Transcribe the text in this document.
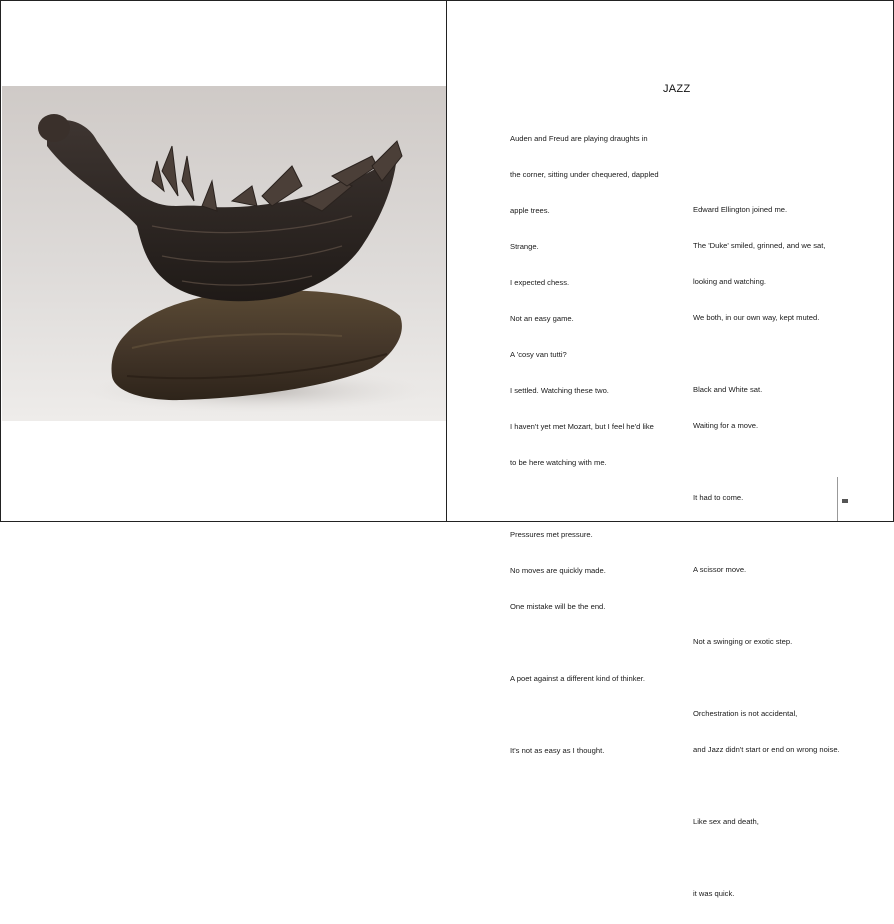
JAZZ

Auden and Freud are playing draughts in

the corner, sitting under chequered, dappled

apple trees.

Strange.

I expected chess.

Not an easy game.

A 'cosy van tutti?

I settled. Watching these two.

I haven't yet met Mozart, but I feel he'd like

to be here watching with me.

Pressures met pressure.

No moves are quickly made.

One mistake will be the end.

A poet against a different kind of thinker.

It's not as easy as I thought.

Edward Ellington joined me.

The 'Duke' smiled, grinned, and we sat,

looking and watching.

We both, in our own way, kept muted.

Black and White sat.

Waiting for a move.

It had to come.

A scissor move.

Not a swinging or exotic step.

Orchestration is not accidental,

and Jazz didn't start or end on wrong noise.

Like sex and death,

it was quick.
